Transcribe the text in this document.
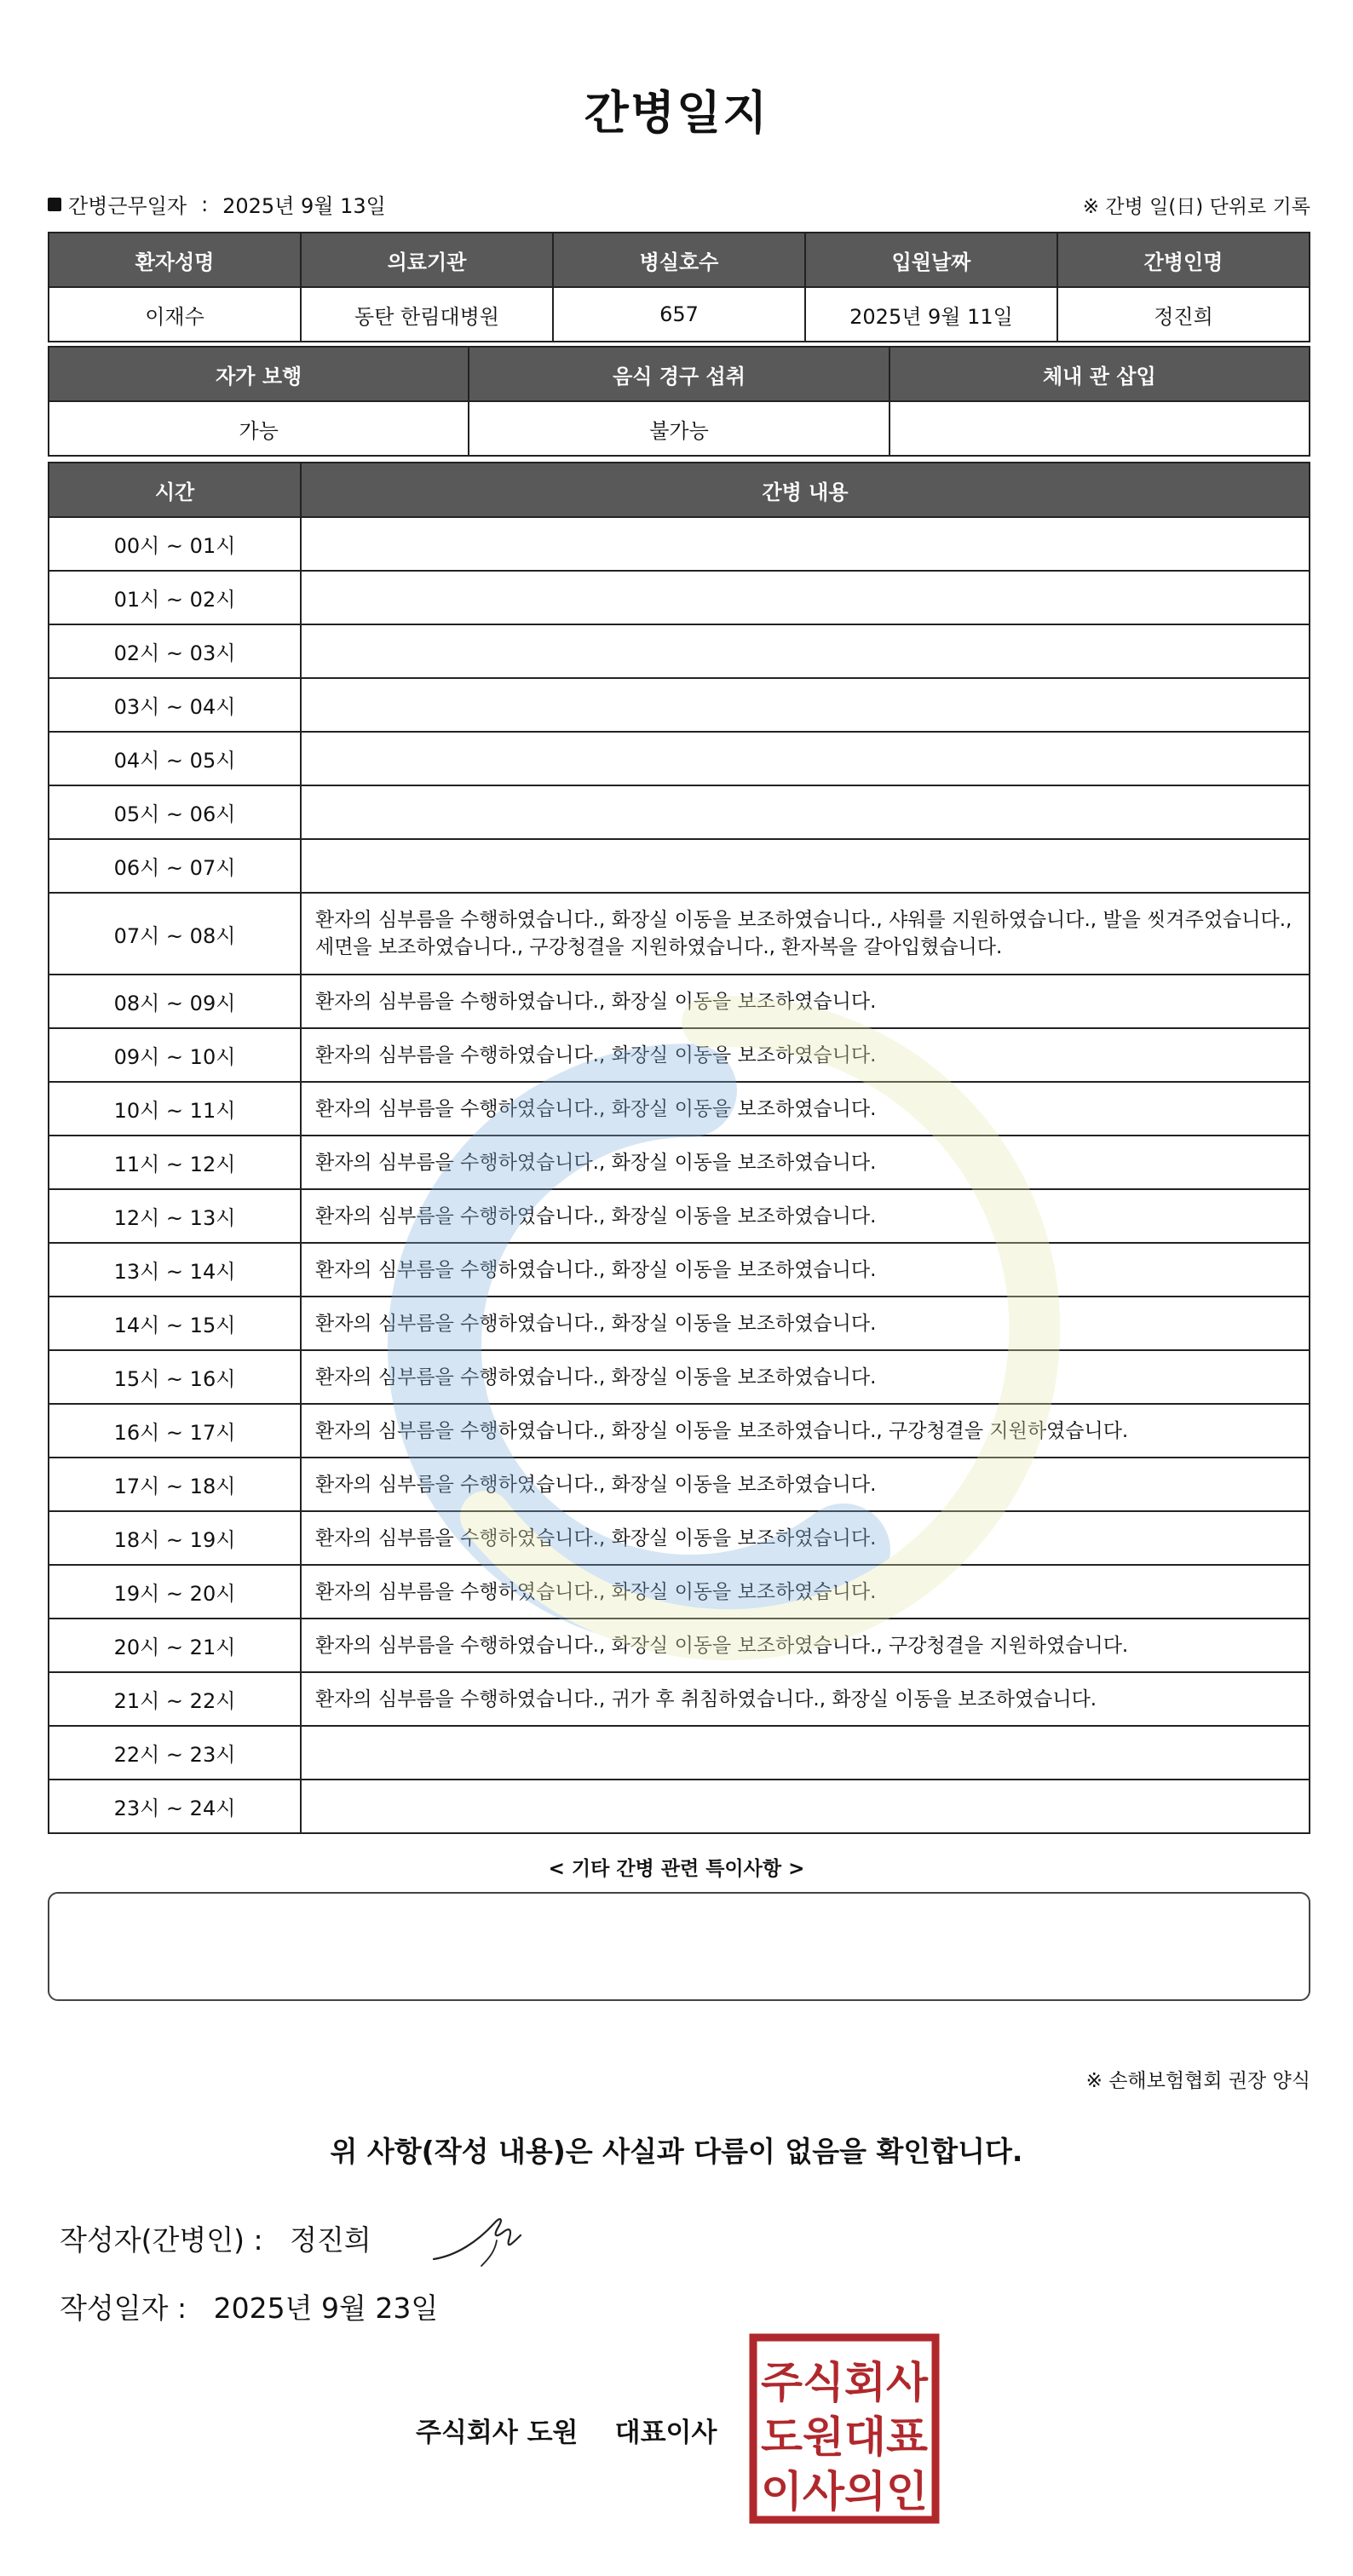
간병일지
간병근무일자 : 2025년 9월 13일	※ 간병 일(日) 단위로 기록
환자성명	의료기관	병실호수	입원날짜	간병인명
이재수	동탄 한림대병원	657	2025년 9월 11일	정진희
자가 보행	음식 경구 섭취	체내 관 삽입
가능	불가능	
시간	간병 내용
00시 ~ 01시	
01시 ~ 02시	
02시 ~ 03시	
03시 ~ 04시	
04시 ~ 05시	
05시 ~ 06시	
06시 ~ 07시	
07시 ~ 08시	환자의 심부름을 수행하였습니다., 화장실 이동을 보조하였습니다., 샤워를 지원하였습니다., 발을 씻겨주었습니다., 세면을 보조하였습니다., 구강청결을 지원하였습니다., 환자복을 갈아입혔습니다.
08시 ~ 09시	환자의 심부름을 수행하였습니다., 화장실 이동을 보조하였습니다.
09시 ~ 10시	환자의 심부름을 수행하였습니다., 화장실 이동을 보조하였습니다.
10시 ~ 11시	환자의 심부름을 수행하였습니다., 화장실 이동을 보조하였습니다.
11시 ~ 12시	환자의 심부름을 수행하였습니다., 화장실 이동을 보조하였습니다.
12시 ~ 13시	환자의 심부름을 수행하였습니다., 화장실 이동을 보조하였습니다.
13시 ~ 14시	환자의 심부름을 수행하였습니다., 화장실 이동을 보조하였습니다.
14시 ~ 15시	환자의 심부름을 수행하였습니다., 화장실 이동을 보조하였습니다.
15시 ~ 16시	환자의 심부름을 수행하였습니다., 화장실 이동을 보조하였습니다.
16시 ~ 17시	환자의 심부름을 수행하였습니다., 화장실 이동을 보조하였습니다., 구강청결을 지원하였습니다.
17시 ~ 18시	환자의 심부름을 수행하였습니다., 화장실 이동을 보조하였습니다.
18시 ~ 19시	환자의 심부름을 수행하였습니다., 화장실 이동을 보조하였습니다.
19시 ~ 20시	환자의 심부름을 수행하였습니다., 화장실 이동을 보조하였습니다.
20시 ~ 21시	환자의 심부름을 수행하였습니다., 화장실 이동을 보조하였습니다., 구강청결을 지원하였습니다.
21시 ~ 22시	환자의 심부름을 수행하였습니다., 귀가 후 취침하였습니다., 화장실 이동을 보조하였습니다.
22시 ~ 23시	
23시 ~ 24시	
< 기타 간병 관련 특이사항 >
※ 손해보험협회 권장 양식
위 사항(작성 내용)은 사실과 다름이 없음을 확인합니다.
작성자(간병인) : 정진희
작성일자 : 2025년 9월 23일
주식회사 도원 대표이사
주식회사
도원대표
이사의인
